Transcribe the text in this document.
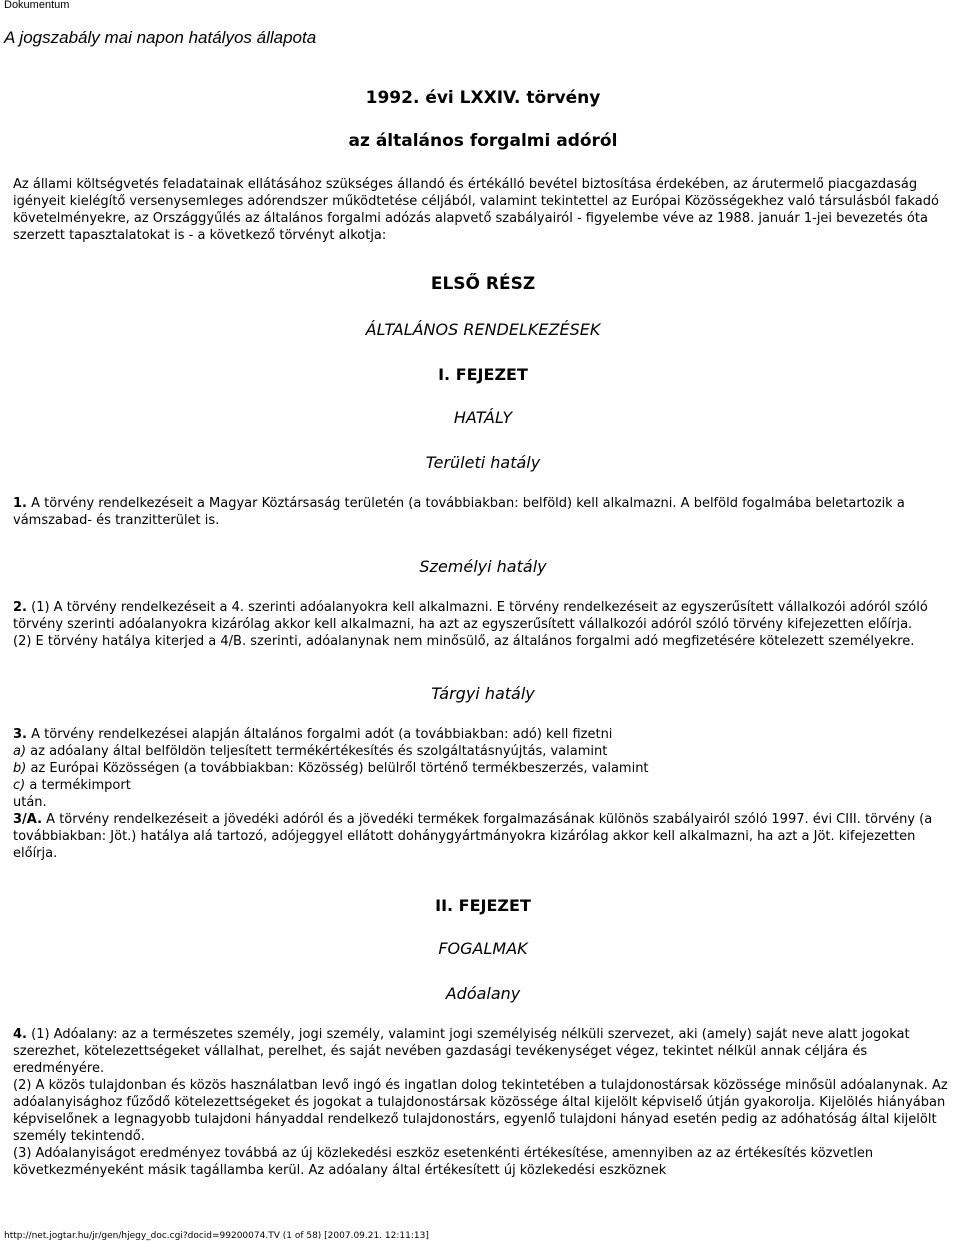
Dokumentum
A jogszabály mai napon hatályos állapota
1992. évi LXXIV. törvény
az általános forgalmi adóról

Az állami költségvetés feladatainak ellátásához szükséges állandó és értékálló bevétel biztosítása érdekében, az árutermelő piacgazdaság igényeit kielégítő versenysemleges adórendszer működtetése céljából, valamint tekintettel az Európai Közösségekhez való társulásból fakadó követelményekre, az Országgyűlés az általános forgalmi adózás alapvető szabályairól - figyelembe véve az 1988. január 1-jei bevezetés óta szerzett tapasztalatokat is - a következő törvényt alkotja:

ELSŐ RÉSZ
ÁLTALÁNOS RENDELKEZÉSEK
I. FEJEZET
HATÁLY
Területi hatály

1. A törvény rendelkezéseit a Magyar Köztársaság területén (a továbbiakban: belföld) kell alkalmazni. A belföld fogalmába beletartozik a vámszabad- és tranzitterület is.

Személyi hatály

2. (1) A törvény rendelkezéseit a 4. szerinti adóalanyokra kell alkalmazni. E törvény rendelkezéseit az egyszerűsített vállalkozói adóról szóló törvény szerinti adóalanyokra kizárólag akkor kell alkalmazni, ha azt az egyszerűsített vállalkozói adóról szóló törvény kifejezetten előírja.

(2) E törvény hatálya kiterjed a 4/B. szerinti, adóalanynak nem minősülő, az általános forgalmi adó megfizetésére kötelezett személyekre.

Tárgyi hatály

3. A törvény rendelkezései alapján általános forgalmi adót (a továbbiakban: adó) kell fizetni

a) az adóalany által belföldön teljesített termékértékesítés és szolgáltatásnyújtás, valamint

b) az Európai Közösségen (a továbbiakban: Közösség) belülről történő termékbeszerzés, valamint

c) a termékimport

után.

3/A. A törvény rendelkezéseit a jövedéki adóról és a jövedéki termékek forgalmazásának különös szabályairól szóló 1997. évi CIII. törvény (a továbbiakban: Jöt.) hatálya alá tartozó, adójeggyel ellátott dohánygyártmányokra kizárólag akkor kell alkalmazni, ha azt a Jöt. kifejezetten előírja.

II. FEJEZET
FOGALMAK
Adóalany

4. (1) Adóalany: az a természetes személy, jogi személy, valamint jogi személyiség nélküli szervezet, aki (amely) saját neve alatt jogokat szerezhet, kötelezettségeket vállalhat, perelhet, és saját nevében gazdasági tevékenységet végez, tekintet nélkül annak céljára és eredményére.

(2) A közös tulajdonban és közös használatban levő ingó és ingatlan dolog tekintetében a tulajdonostársak közössége minősül adóalanynak. Az adóalanyisághoz fűződő kötelezettségeket és jogokat a tulajdonostársak közössége által kijelölt képviselő útján gyakorolja. Kijelölés hiányában képviselőnek a legnagyobb tulajdoni hányaddal rendelkező tulajdonostárs, egyenlő tulajdoni hányad esetén pedig az adóhatóság által kijelölt személy tekintendő.

(3) Adóalanyiságot eredményez továbbá az új közlekedési eszköz esetenkénti értékesítése, amennyiben az az értékesítés közvetlen következményeként másik tagállamba kerül. Az adóalany által értékesített új közlekedési eszköznek

http://net.jogtar.hu/jr/gen/hjegy_doc.cgi?docid=99200074.TV (1 of 58) [2007.09.21. 12:11:13]
